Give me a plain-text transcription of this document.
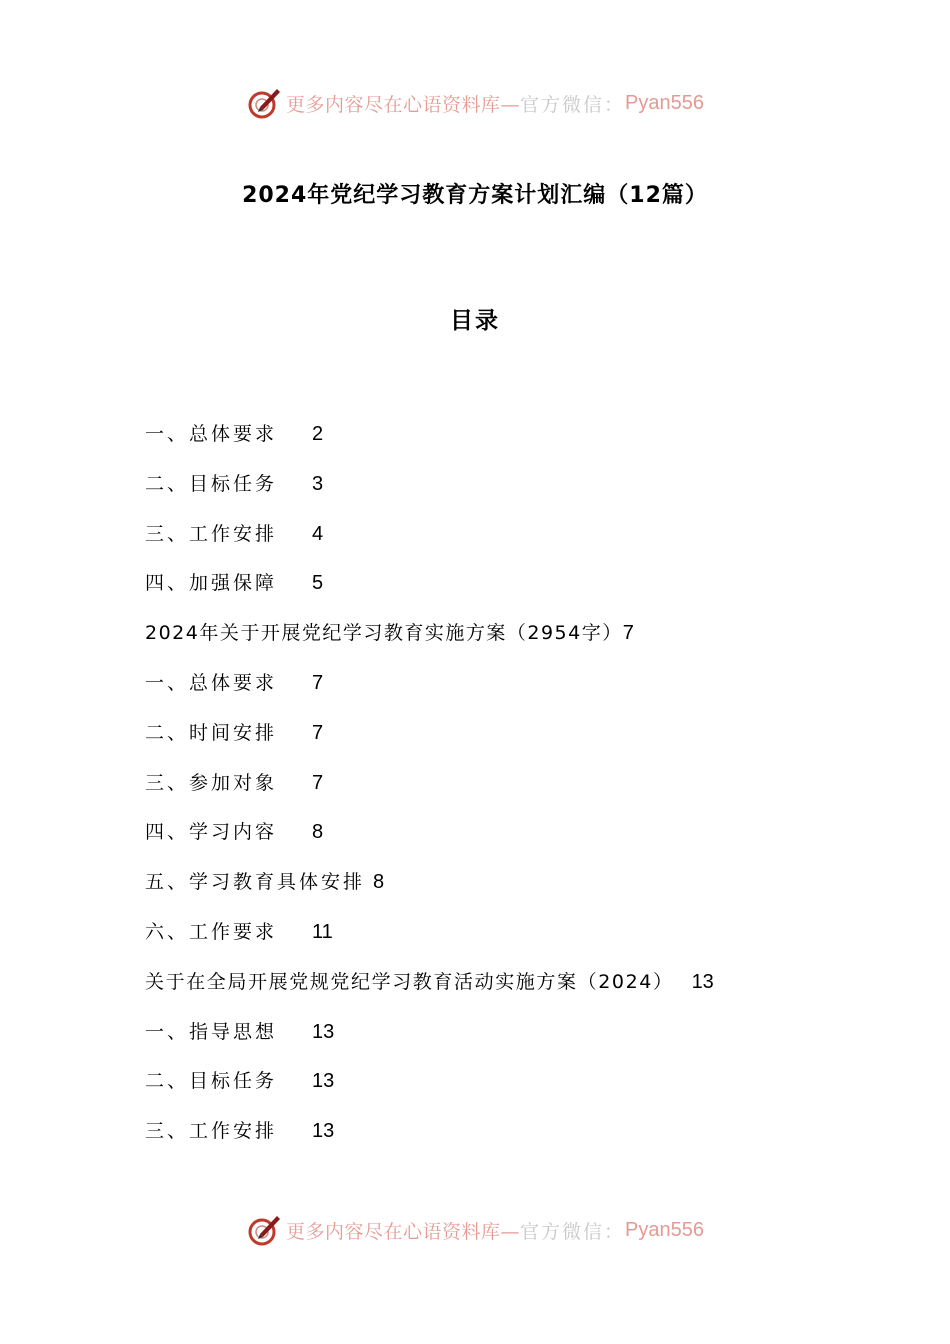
更多内容尽在心语资料库— 官方微信： Pyan556
2024年党纪学习教育方案计划汇编（12篇）
目录
一、总体要求	2
二、目标任务	3
三、工作安排	4
四、加强保障	5
2024年关于开展党纪学习教育实施方案（2954字） 7
一、总体要求	7
二、时间安排	7
三、参加对象	7
四、学习内容	8
五、学习教育具体安排 8
六、工作要求	11
关于在全局开展党规党纪学习教育活动实施方案（2024） 13
一、指导思想	13
二、目标任务	13
三、工作安排	13
更多内容尽在心语资料库— 官方微信： Pyan556
